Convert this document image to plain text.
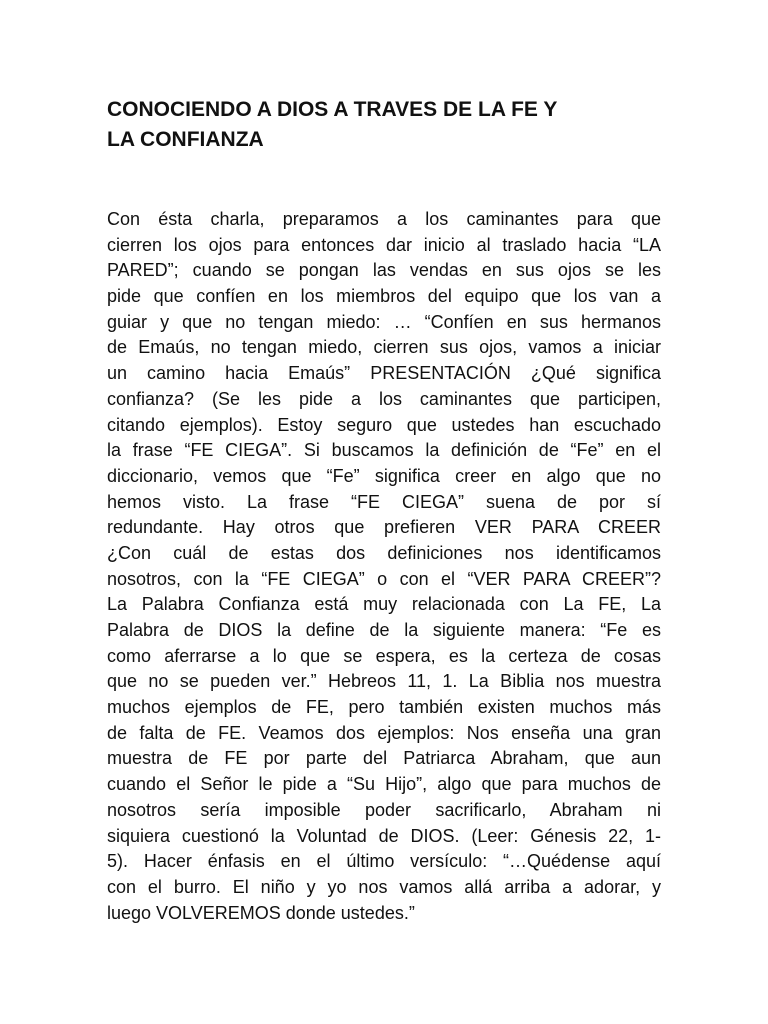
CONOCIENDO A DIOS A TRAVES DE LA FE Y
LA CONFIANZA
Con ésta charla, preparamos a los caminantes para que
cierren los ojos para entonces dar inicio al traslado hacia “LA
PARED”; cuando se pongan las vendas en sus ojos se les
pide que confíen en los miembros del equipo que los van a
guiar y que no tengan miedo: … “Confíen en sus hermanos
de Emaús, no tengan miedo, cierren sus ojos, vamos a iniciar
un camino hacia Emaús” PRESENTACIÓN ¿Qué significa
confianza? (Se les pide a los caminantes que participen,
citando ejemplos). Estoy seguro que ustedes han escuchado
la frase “FE CIEGA”. Si buscamos la definición de “Fe” en el
diccionario, vemos que “Fe” significa creer en algo que no
hemos visto. La frase “FE CIEGA” suena de por sí
redundante. Hay otros que prefieren VER PARA CREER
¿Con cuál de estas dos definiciones nos identificamos
nosotros, con la “FE CIEGA” o con el “VER PARA CREER”?
La Palabra Confianza está muy relacionada con La FE, La
Palabra de DIOS la define de la siguiente manera: “Fe es
como aferrarse a lo que se espera, es la certeza de cosas
que no se pueden ver.” Hebreos 11, 1. La Biblia nos muestra
muchos ejemplos de FE, pero también existen muchos más
de falta de FE. Veamos dos ejemplos: Nos enseña una gran
muestra de FE por parte del Patriarca Abraham, que aun
cuando el Señor le pide a “Su Hijo”, algo que para muchos de
nosotros sería imposible poder sacrificarlo, Abraham ni
siquiera cuestionó la Voluntad de DIOS. (Leer: Génesis 22, 1-
5). Hacer énfasis en el último versículo: “…Quédense aquí
con el burro. El niño y yo nos vamos allá arriba a adorar, y
luego VOLVEREMOS donde ustedes.”
